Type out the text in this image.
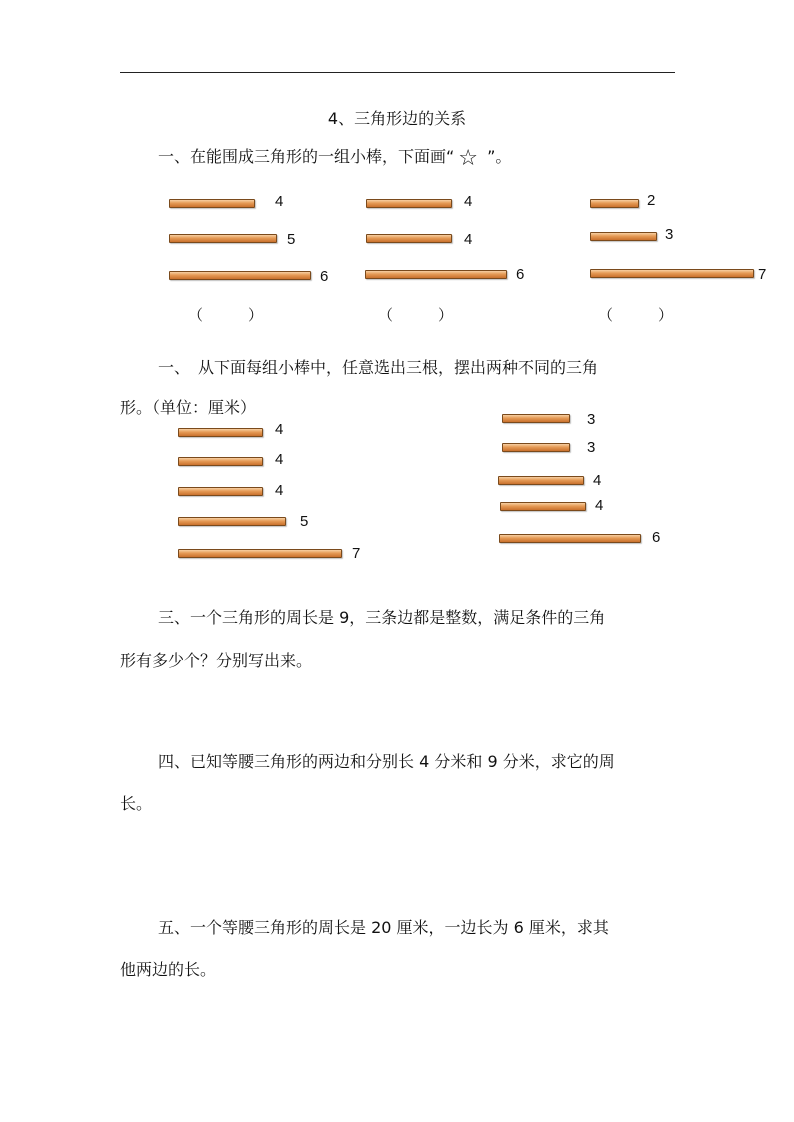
4、三角形边的关系
一、在能围成三角形的一组小棒，下面画“ ☆ ”。
4
5
6
（　　　）
4
4
6
（　　　）
2
3
7
（　　　）
一、　从下面每组小棒中，任意选出三根，摆出两种不同的三角
形。（单位：厘米）
4
4
4
5
7
3
3
4
4
6
三、一个三角形的周长是 9，三条边都是整数，满足条件的三角
形有多少个？分别写出来。
四、已知等腰三角形的两边和分别长 4 分米和 9 分米，求它的周
长。
五、一个等腰三角形的周长是 20 厘米，一边长为 6 厘米，求其
他两边的长。
